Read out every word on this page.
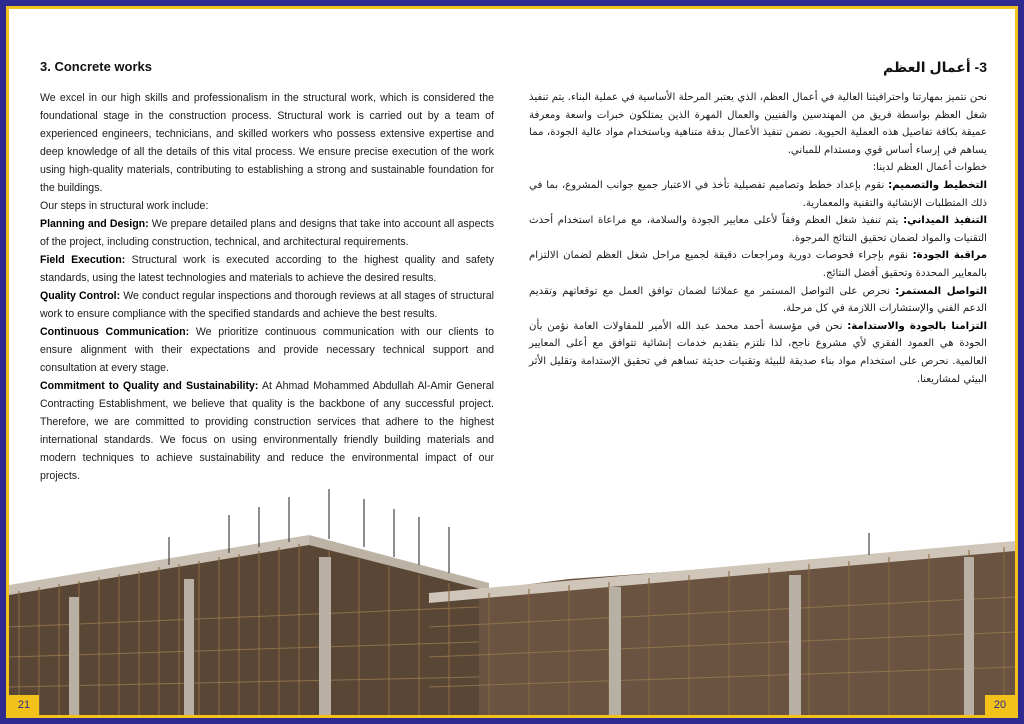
3. Concrete works	3- أعمال العظم

We excel in our high skills and professionalism in the structural work, which is considered the foundational stage in the construction process. Structural work is carried out by a team of experienced engineers, technicians, and skilled workers who possess extensive expertise and deep knowledge of all the details of this vital process. We ensure precise execution of the work using high-quality materials, contributing to establishing a strong and sustainable foundation for the buildings.

Our steps in structural work include:

Planning and Design: We prepare detailed plans and designs that take into account all aspects of the project, including construction, technical, and architectural requirements.

Field Execution: Structural work is executed according to the highest quality and safety standards, using the latest technologies and materials to achieve the desired results.

Quality Control: We conduct regular inspections and thorough reviews at all stages of structural work to ensure compliance with the specified standards and achieve the best results.

Continuous Communication: We prioritize continuous communication with our clients to ensure alignment with their expectations and provide necessary technical support and consultation at every stage.

Commitment to Quality and Sustainability: At Ahmad Mohammed Abdullah Al-Amir General Contracting Establishment, we believe that quality is the backbone of any successful project. Therefore, we are committed to providing construction services that adhere to the highest international standards. We focus on using environmentally friendly building materials and modern techniques to achieve sustainability and reduce the environmental impact of our projects.

نحن نتميز بمهارتنا واحترافيتنا العالية في أعمال العظم، الذي يعتبر المرحلة الأساسية في عملية البناء. يتم تنفيذ شغل العظم بواسطة فريق من المهندسين والفنيين والعمال المهرة الذين يمتلكون خبرات واسعة ومعرفة عميقة بكافة تفاصيل هذه العملية الحيوية. نضمن تنفيذ الأعمال بدقة متناهية وباستخدام مواد عالية الجودة، مما يساهم في إرساء أساس قوي ومستدام للمباني.

خطوات أعمال العظم لدينا:

التخطيط والتصميم: نقوم بإعداد خطط وتصاميم تفصيلية تأخذ في الاعتبار جميع جوانب المشروع، بما في ذلك المتطلبات الإنشائية والتقنية والمعمارية.

التنفيذ الميداني: يتم تنفيذ شغل العظم وفقاً لأعلى معايير الجودة والسلامة، مع مراعاة استخدام أحدث التقنيات والمواد لضمان تحقيق النتائج المرجوة.

مراقبة الجودة: نقوم بإجراء فحوصات دورية ومراجعات دقيقة لجميع مراحل شغل العظم لضمان الالتزام بالمعايير المحددة وتحقيق أفضل النتائج.

التواصل المستمر: نحرص على التواصل المستمر مع عملائنا لضمان توافق العمل مع توقعاتهم وتقديم الدعم الفني والإستشارات اللازمة في كل مرحلة.

التزامنا بالجودة والاستدامة: نحن في مؤسسة أحمد محمد عبد الله الأمير للمقاولات العامة نؤمن بأن الجودة هي العمود الفقري لأي مشروع ناجح، لذا نلتزم بتقديم خدمات إنشائية تتوافق مع أعلى المعايير العالمية. نحرص على استخدام مواد بناء صديقة للبيئة وتقنيات حديثة تساهم في تحقيق الإستدامة وتقليل الأثر البيئي لمشاريعنا.

21	20
